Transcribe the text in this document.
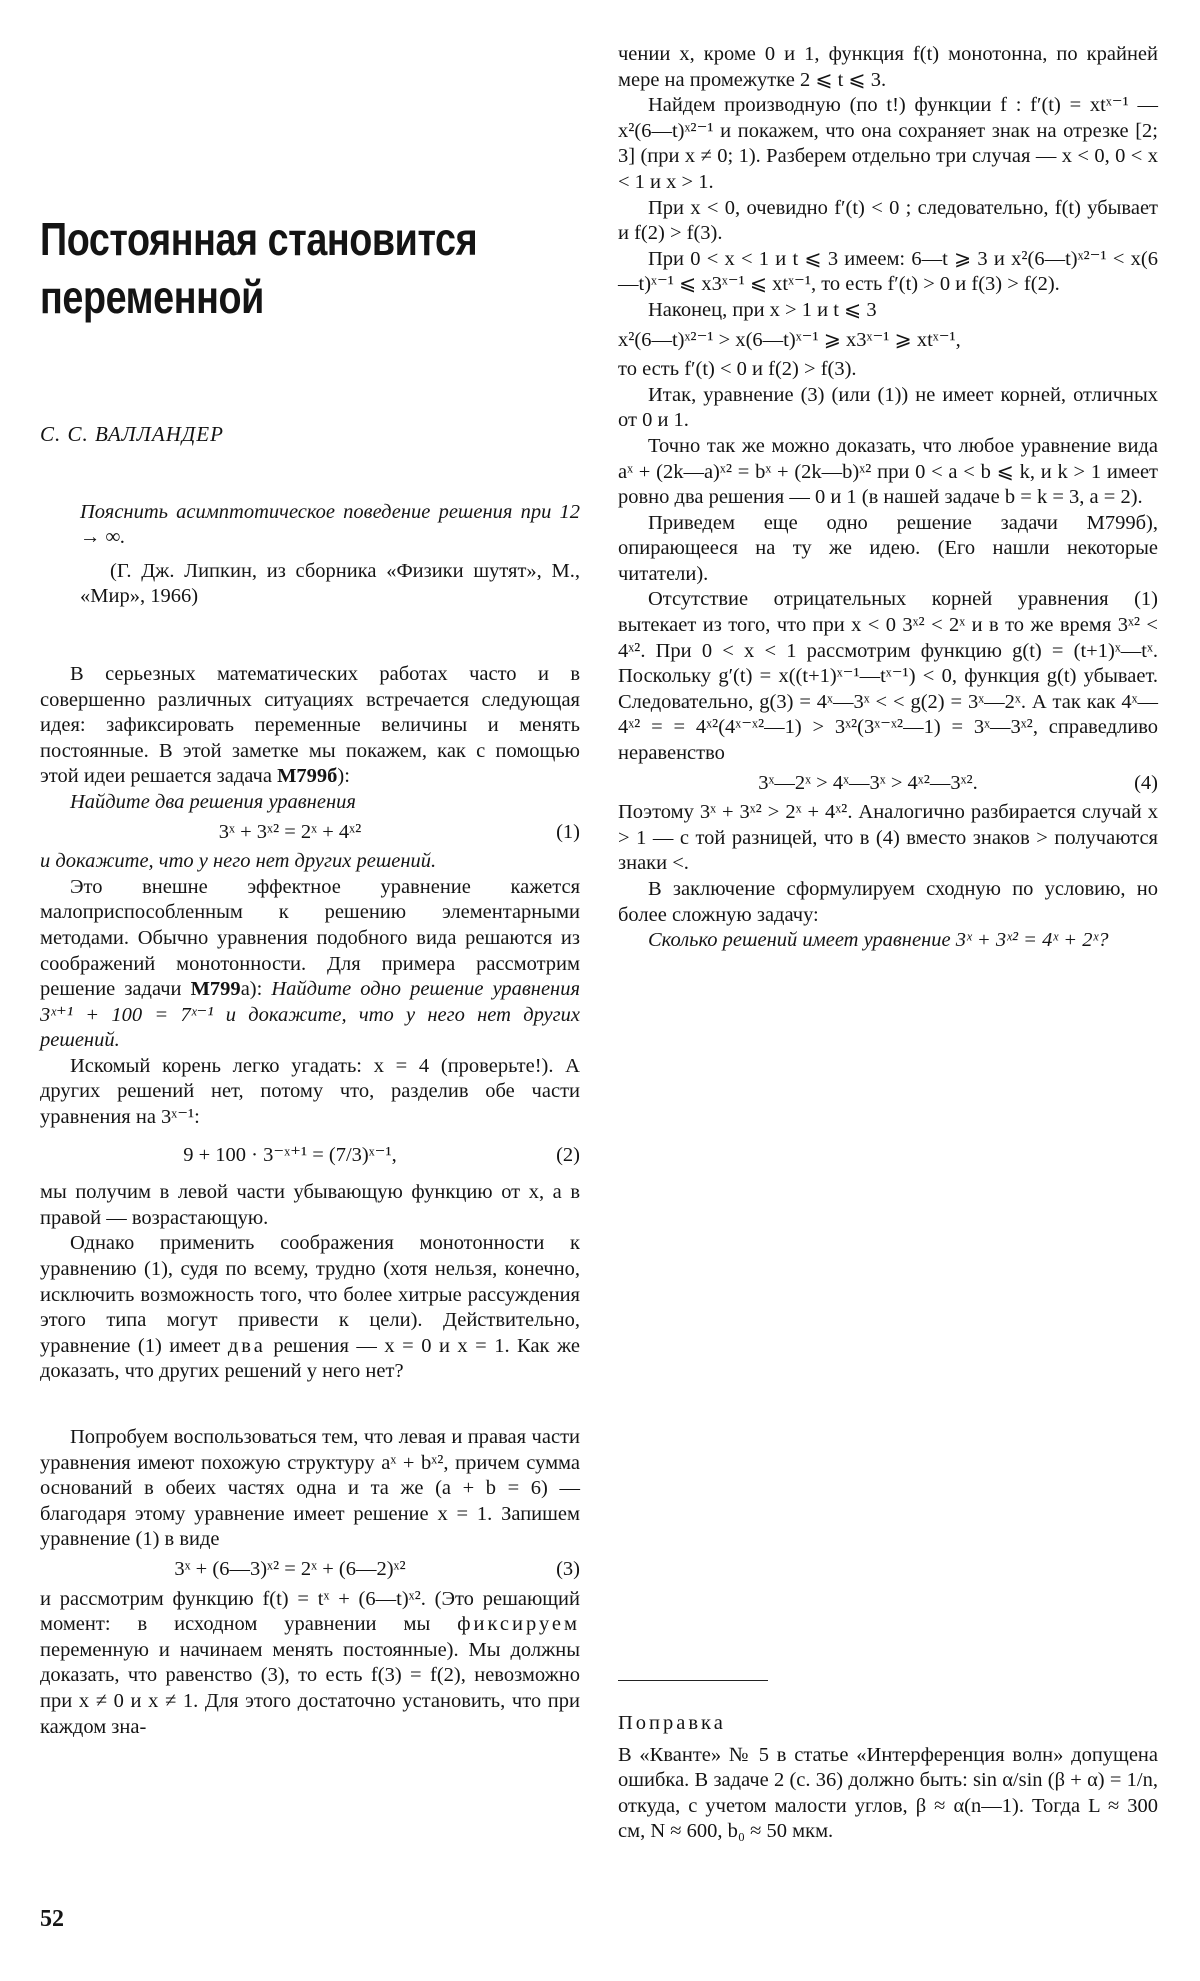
Постоянная становится переменной
С. С. ВАЛЛАНДЕР

Пояснить асимптотическое поведение решения при 12 → ∞.

(Г. Дж. Липкин, из сборника «Физики шутят», М., «Мир», 1966)

В серьезных математических работах часто и в совершенно различных ситуациях встречается следующая идея: зафиксировать переменные величины и менять постоянные. В этой заметке мы покажем, как с помощью этой идеи решается задача М799б):

Найдите два решения уравнения

3ˣ + 3ˣ² = 2ˣ + 4ˣ²	(1)

и докажите, что у него нет других решений.

Это внешне эффектное уравнение кажется малоприспособленным к решению элементарными методами. Обычно уравнения подобного вида решаются из соображений монотонности. Для примера рассмотрим решение задачи М799а): Найдите одно решение уравнения 3ˣ⁺¹ + 100 = 7ˣ⁻¹ и докажите, что у него нет других решений.

Искомый корень легко угадать: x = 4 (проверьте!). А других решений нет, потому что, разделив обе части уравнения на 3ˣ⁻¹:

9 + 100 · 3⁻ˣ⁺¹ = (7/3)ˣ⁻¹,	(2)

мы получим в левой части убывающую функцию от x, а в правой — возрастающую.

Однако применить соображения монотонности к уравнению (1), судя по всему, трудно (хотя нельзя, конечно, исключить возможность того, что более хитрые рассуждения этого типа могут привести к цели). Действительно, уравнение (1) имеет два решения — x = 0 и x = 1. Как же доказать, что других решений у него нет?

Попробуем воспользоваться тем, что левая и правая части уравнения имеют похожую структуру aˣ + bˣ², причем сумма оснований в обеих частях одна и та же (a + b = 6) — благодаря этому уравнение имеет решение x = 1. Запишем уравнение (1) в виде

3ˣ + (6—3)ˣ² = 2ˣ + (6—2)ˣ²	(3)

и рассмотрим функцию f(t) = tˣ + (6—t)ˣ². (Это решающий момент: в исходном уравнении мы фиксируем переменную и начинаем менять постоянные). Мы должны доказать, что равенство (3), то есть f(3) = f(2), невозможно при x ≠ 0 и x ≠ 1. Для этого достаточно установить, что при каждом зна-

чении x, кроме 0 и 1, функция f(t) монотонна, по крайней мере на промежутке 2 ⩽ t ⩽ 3.

Найдем производную (по t!) функции f : f′(t) = xtˣ⁻¹ — x²(6—t)ˣ²⁻¹ и покажем, что она сохраняет знак на отрезке [2; 3] (при x ≠ 0; 1). Разберем отдельно три случая — x < 0, 0 < x < 1 и x > 1.

При x < 0, очевидно f′(t) < 0 ; следовательно, f(t) убывает и f(2) > f(3).

При 0 < x < 1 и t ⩽ 3 имеем: 6—t ⩾ 3 и x²(6—t)ˣ²⁻¹ < x(6—t)ˣ⁻¹ ⩽ x3ˣ⁻¹ ⩽ xtˣ⁻¹, то есть f′(t) > 0 и f(3) > f(2).

Наконец, при x > 1 и t ⩽ 3

x²(6—t)ˣ²⁻¹ > x(6—t)ˣ⁻¹ ⩾ x3ˣ⁻¹ ⩾ xtˣ⁻¹,

то есть f′(t) < 0 и f(2) > f(3).

Итак, уравнение (3) (или (1)) не имеет корней, отличных от 0 и 1.

Точно так же можно доказать, что любое уравнение вида aˣ + (2k—a)ˣ² = bˣ + (2k—b)ˣ² при 0 < a < b ⩽ k, и k > 1 имеет ровно два решения — 0 и 1 (в нашей задаче b = k = 3, a = 2).

Приведем еще одно решение задачи М799б), опирающееся на ту же идею. (Его нашли некоторые читатели).

Отсутствие отрицательных корней уравнения (1) вытекает из того, что при x < 0 3ˣ² < 2ˣ и в то же время 3ˣ² < 4ˣ². При 0 < x < 1 рассмотрим функцию g(t) = (t+1)ˣ—tˣ. Поскольку g′(t) = x((t+1)ˣ⁻¹—tˣ⁻¹) < 0, функция g(t) убывает. Следовательно, g(3) = 4ˣ—3ˣ < < g(2) = 3ˣ—2ˣ. А так как 4ˣ—4ˣ² = = 4ˣ²(4ˣ⁻ˣ²—1) > 3ˣ²(3ˣ⁻ˣ²—1) = 3ˣ—3ˣ², справедливо неравенство

3ˣ—2ˣ > 4ˣ—3ˣ > 4ˣ²—3ˣ².	(4)

Поэтому 3ˣ + 3ˣ² > 2ˣ + 4ˣ². Аналогично разбирается случай x > 1 — с той разницей, что в (4) вместо знаков > получаются знаки <.

В заключение сформулируем сходную по условию, но более сложную задачу:

Сколько решений имеет уравнение 3ˣ + 3ˣ² = 4ˣ + 2ˣ?

Поправка

В «Кванте» № 5 в статье «Интерференция волн» допущена ошибка. В задаче 2 (с. 36) должно быть: sin α/sin (β + α) = 1/n, откуда, с учетом малости углов, β ≈ α(n—1). Тогда L ≈ 300 см, N ≈ 600, b₀ ≈ 50 мкм.

52
